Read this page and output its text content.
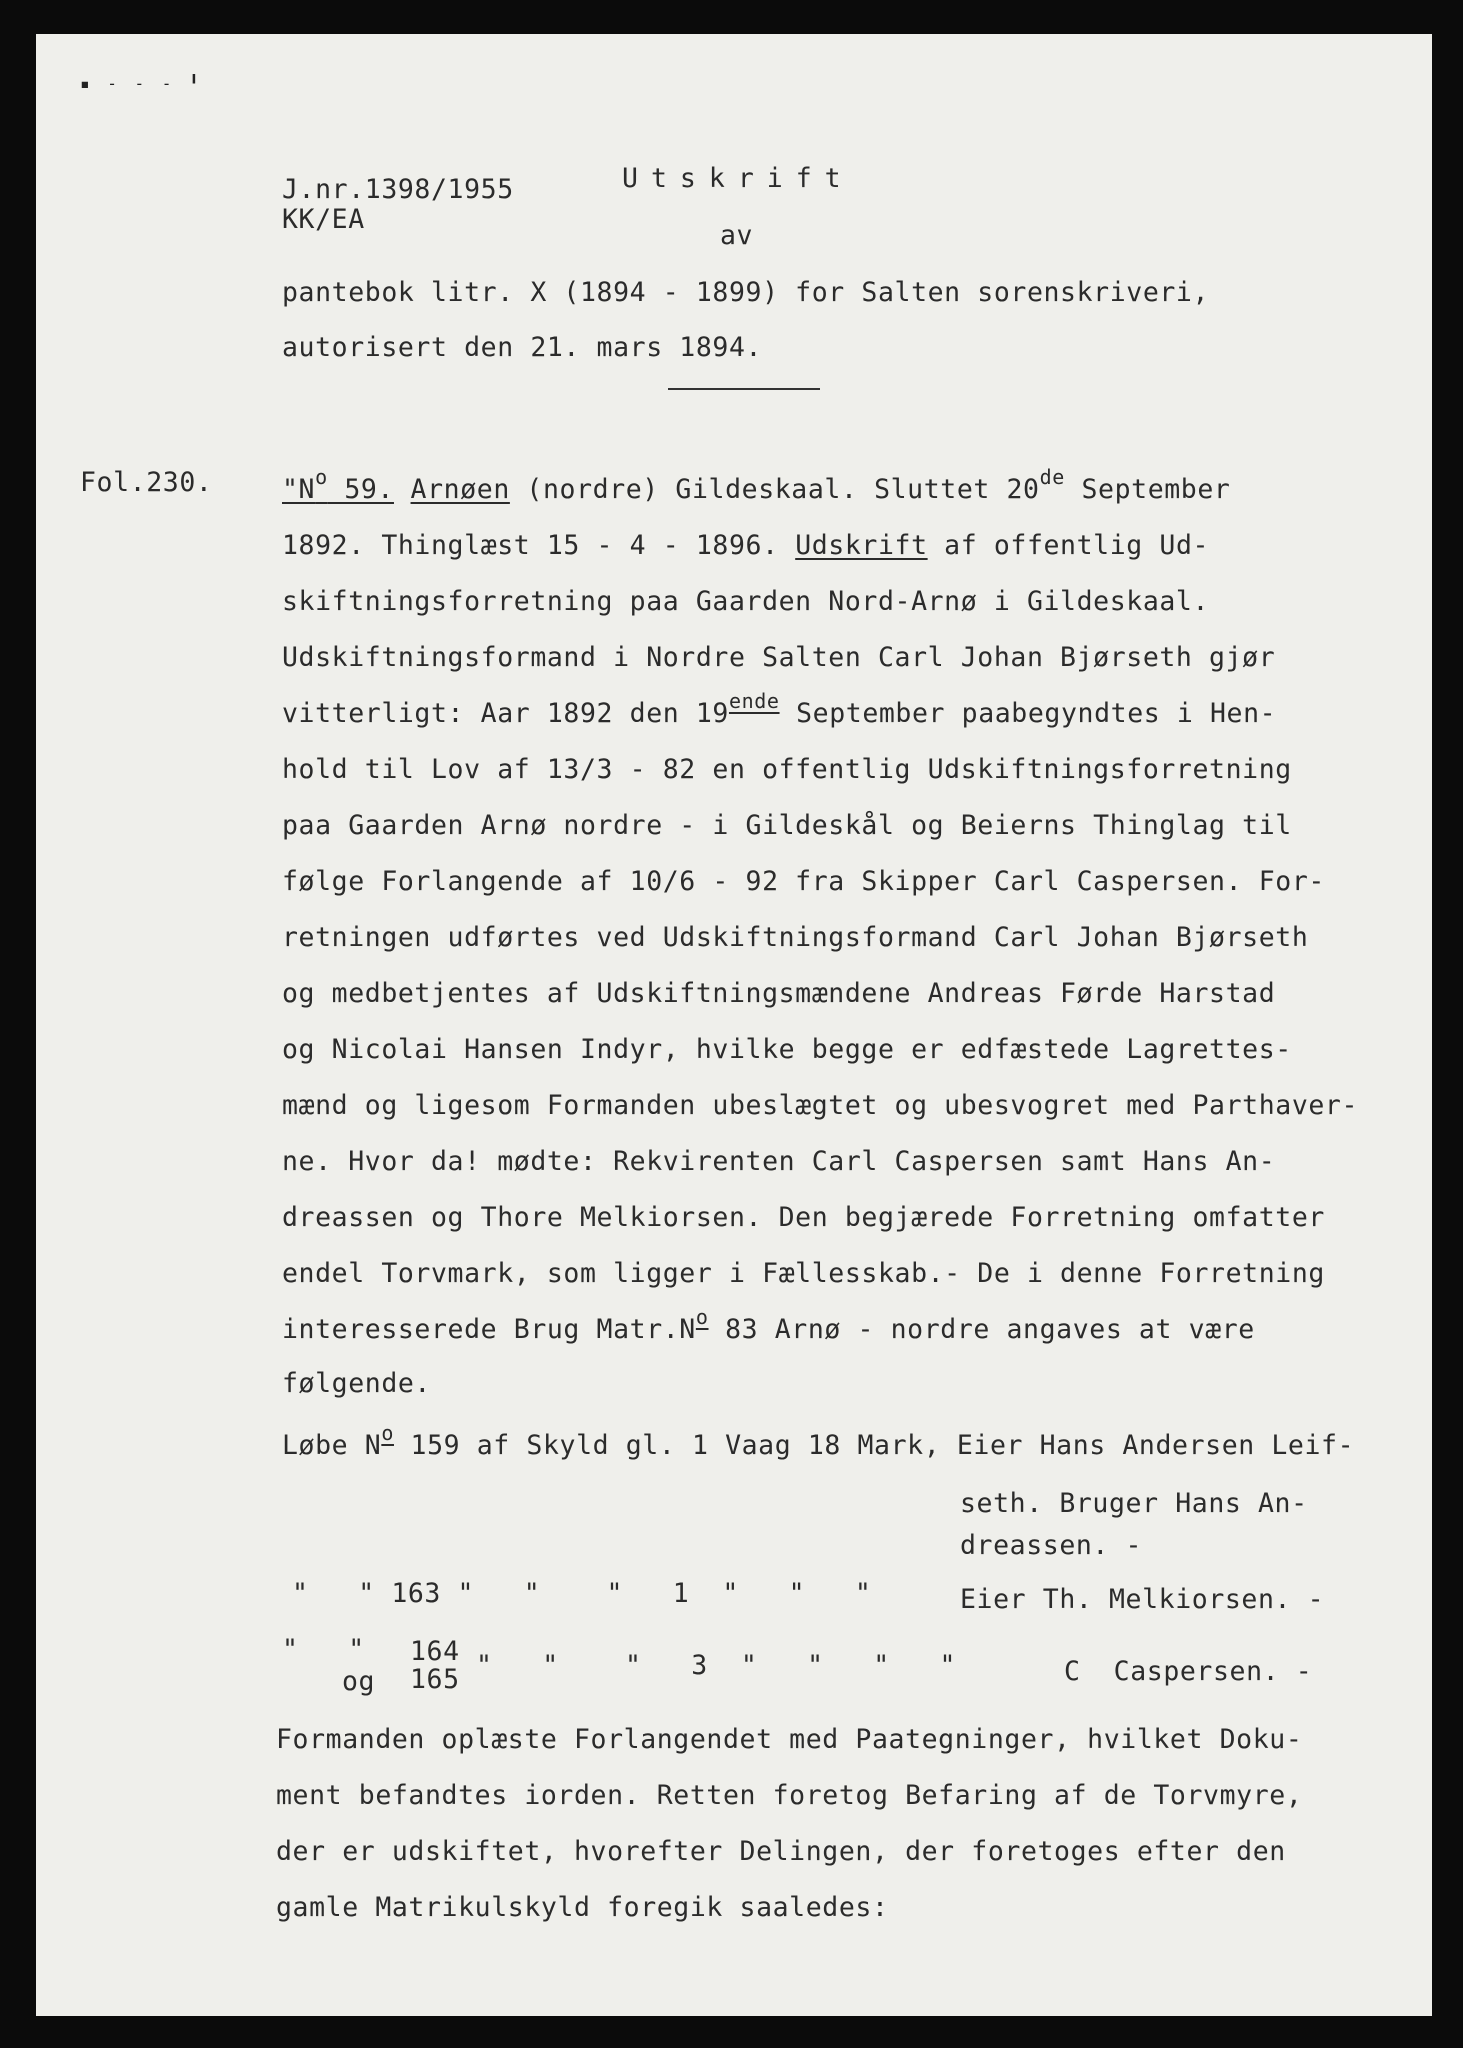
▪ - - - ╹
J.nr.1398/1955
KK/EA
Utskrift
av
pantebok litr. X (1894 - 1899) for Salten sorenskriveri,
autorisert den 21. mars 1894.
Fol.230.	"$N^o$ 59. Arnøen (nordre) Gildeskaal. Sluttet 20de September
1892. Thinglæst 15 - 4 - 1896. Udskrift af offentlig Ud-
skiftningsforretning paa Gaarden Nord-Arnø i Gildeskaal.
Udskiftningsformand i Nordre Salten Carl Johan Bjørseth gjør
vitterligt: Aar 1892 den $19^{ende}$ September paabegyndtes i Hen-
hold til Lov af 13/3 - 82 en offentlig Udskiftningsforretning
paa Gaarden Arnø nordre - i Gildeskål og Beierns Thinglag til
følge Forlangende af 10/6 - 92 fra Skipper Carl Caspersen. For-
retningen udførtes ved Udskiftningsformand Carl Johan Bjørseth
og medbetjentes af Udskiftningsmændene Andreas Førde Harstad
og Nicolai Hansen Indyr, hvilke begge er edfæstede Lagrettes-
mænd og ligesom Formanden ubeslægtet og ubesvogret med Parthaver-
ne. Hvor da! mødte: Rekvirenten Carl Caspersen samt Hans An-
dreassen og Thore Melkiorsen. Den begjærede Forretning omfatter
endel Torvmark, som ligger i Fællesskab.- De i denne Forretning
interesserede Brug $Matr.N^o$ 83 Arnø - nordre angaves at være
følgende.
Løbe $N^o$ 159 af Skyld gl. 1 Vaag 18 Mark, Eier Hans Andersen Leif-
seth. Bruger Hans An-
dreassen. -
"   " 163 "   "    "   1  "   "   "	Eier Th. Melkiorsen. -
"   " 164
og 165 "   "    "   3  "   "   "   "	C  Caspersen. -
Formanden oplæste Forlangendet med Paategninger, hvilket Doku-
ment befandtes iorden. Retten foretog Befaring af de Torvmyre,
der er udskiftet, hvorefter Delingen, der foretoges efter den
gamle Matrikulskyld foregik saaledes:
